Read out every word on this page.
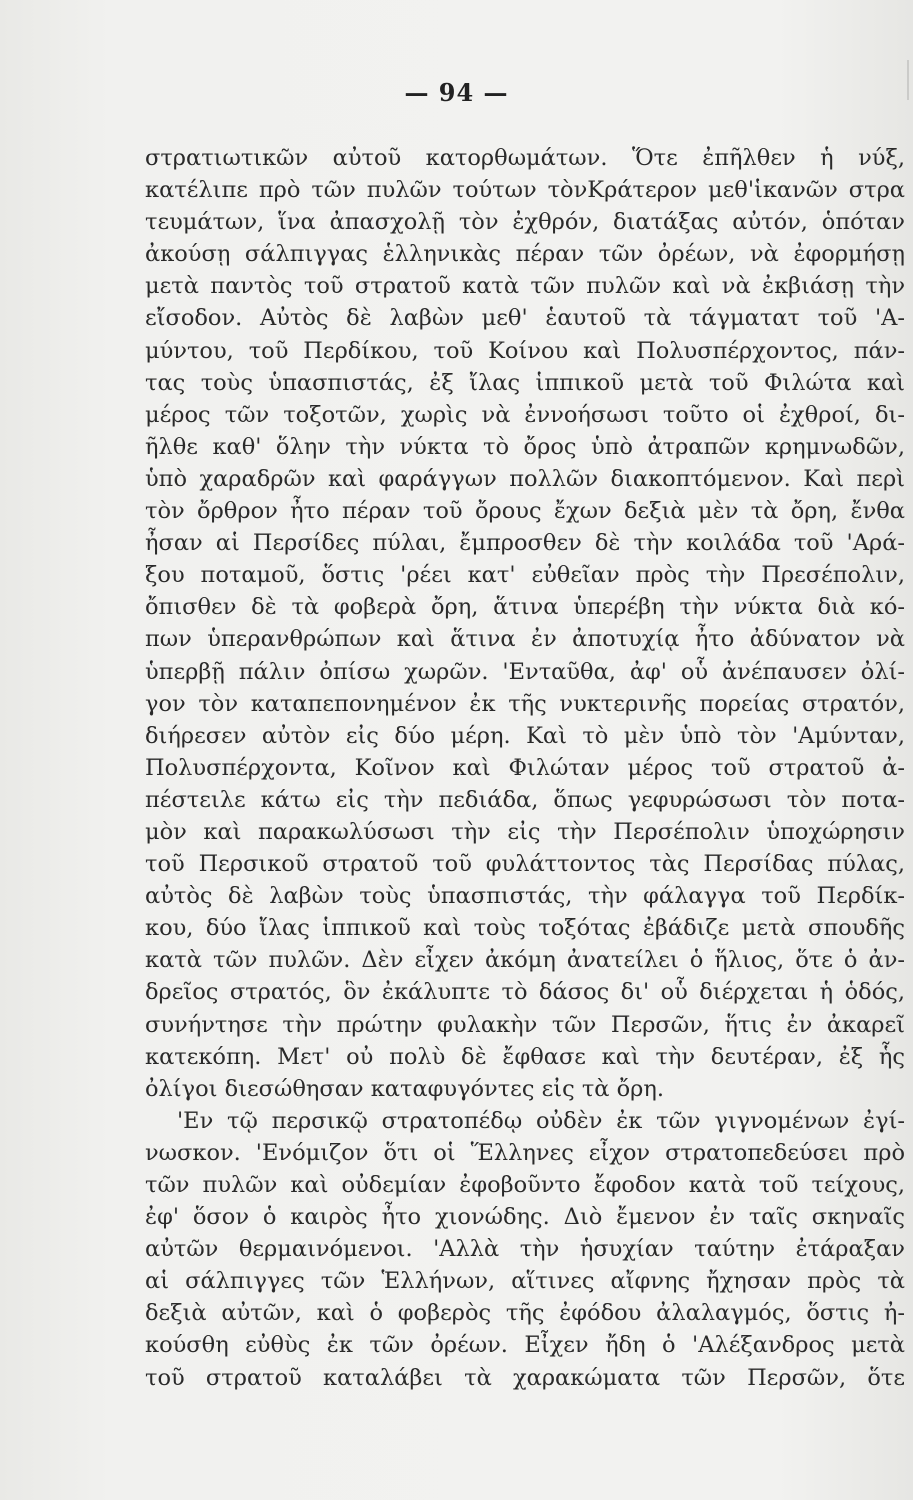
— 94 —
στρατιωτικῶν αὐτοῦ κατορθωμάτων. Ὅτε ἐπῆλθεν ἡ νύξ,
κατέλιπε πρὸ τῶν πυλῶν τούτων τὸνΚράτερον μεθ'ἱκανῶν στρα
τευμάτων, ἵνα ἀπασχολῇ τὸν ἐχθρόν, διατάξας αὐτόν, ὁπόταν
ἀκούσῃ σάλπιγγας ἑλληνικὰς πέραν τῶν ὀρέων, νὰ ἐφορμήσῃ
μετὰ παντὸς τοῦ στρατοῦ κατὰ τῶν πυλῶν καὶ νὰ ἐκβιάσῃ τὴν
εἴσοδον. Αὐτὸς δὲ λαβὼν μεθ' ἑαυτοῦ τὰ τάγματατ τοῦ 'Α-
μύντου, τοῦ Περδίκου, τοῦ Κοίνου καὶ Πολυσπέρχοντος, πάν-
τας τοὺς ὑπασπιστάς, ἐξ ἴλας ἱππικοῦ μετὰ τοῦ Φιλώτα καὶ
μέρος τῶν τοξοτῶν, χωρὶς νὰ ἐννοήσωσι τοῦτο οἱ ἐχθροί, δι-
ῆλθε καθ' ὅλην τὴν νύκτα τὸ ὄρος ὑπὸ ἀτραπῶν κρημνωδῶν,
ὑπὸ χαραδρῶν καὶ φαράγγων πολλῶν διακοπτόμενον. Καὶ περὶ
τὸν ὄρθρον ἦτο πέραν τοῦ ὄρους ἔχων δεξιὰ μὲν τὰ ὄρη, ἔνθα
ἦσαν αἱ Περσίδες πύλαι, ἔμπροσθεν δὲ τὴν κοιλάδα τοῦ 'Αρά-
ξου ποταμοῦ, ὅστις 'ρέει κατ' εὐθεῖαν πρὸς τὴν Πρεσέπολιν,
ὄπισθεν δὲ τὰ φοβερὰ ὄρη, ἅτινα ὑπερέβη τὴν νύκτα διὰ κό-
πων ὑπερανθρώπων καὶ ἅτινα ἐν ἀποτυχίᾳ ἦτο ἀδύνατον νὰ
ὑπερβῇ πάλιν ὀπίσω χωρῶν. 'Ενταῦθα, ἀφ' οὗ ἀνέπαυσεν ὀλί-
γον τὸν καταπεπονημένον ἐκ τῆς νυκτερινῆς πορείας στρατόν,
διήρεσεν αὐτὸν εἰς δύο μέρη. Καὶ τὸ μὲν ὑπὸ τὸν 'Αμύνταν,
Πολυσπέρχοντα, Κοῖνον καὶ Φιλώταν μέρος τοῦ στρατοῦ ἀ-
πέστειλε κάτω εἰς τὴν πεδιάδα, ὅπως γεφυρώσωσι τὸν ποτα-
μὸν καὶ παρακωλύσωσι τὴν εἰς τὴν Περσέπολιν ὑποχώρησιν
τοῦ Περσικοῦ στρατοῦ τοῦ φυλάττοντος τὰς Περσίδας πύλας,
αὐτὸς δὲ λαβὼν τοὺς ὑπασπιστάς, τὴν φάλαγγα τοῦ Περδίκ-
κου, δύο ἴλας ἱππικοῦ καὶ τοὺς τοξότας ἐβάδιζε μετὰ σπουδῆς
κατὰ τῶν πυλῶν. Δὲν εἶχεν ἀκόμη ἀνατείλει ὁ ἥλιος, ὅτε ὁ ἀν-
δρεῖος στρατός, ὃν ἐκάλυπτε τὸ δάσος δι' οὗ διέρχεται ἡ ὁδός,
συνήντησε τὴν πρώτην φυλακὴν τῶν Περσῶν, ἥτις ἐν ἀκαρεῖ
κατεκόπη. Μετ' οὐ πολὺ δὲ ἔφθασε καὶ τὴν δευτέραν, ἐξ ἧς
ὀλίγοι διεσώθησαν καταφυγόντες εἰς τὰ ὄρη.
'Εν τῷ περσικῷ στρατοπέδῳ οὐδὲν ἐκ τῶν γιγνομένων ἐγί-
νωσκον. 'Ενόμιζον ὅτι οἱ Ἕλληνες εἶχον στρατοπεδεύσει πρὸ
τῶν πυλῶν καὶ οὐδεμίαν ἐφοβοῦντο ἔφοδον κατὰ τοῦ τείχους,
ἐφ' ὅσον ὁ καιρὸς ἦτο χιονώδης. Διὸ ἔμενον ἐν ταῖς σκηναῖς
αὐτῶν θερμαινόμενοι. 'Αλλὰ τὴν ἡσυχίαν ταύτην ἐτάραξαν
αἱ σάλπιγγες τῶν Ἑλλήνων, αἵτινες αἴφνης ἤχησαν πρὸς τὰ
δεξιὰ αὐτῶν, καὶ ὁ φοβερὸς τῆς ἐφόδου ἀλαλαγμός, ὅστις ἠ-
κούσθη εὐθὺς ἐκ τῶν ὀρέων. Εἶχεν ἤδη ὁ 'Αλέξανδρος μετὰ
τοῦ στρατοῦ καταλάβει τὰ χαρακώματα τῶν Περσῶν, ὅτε
